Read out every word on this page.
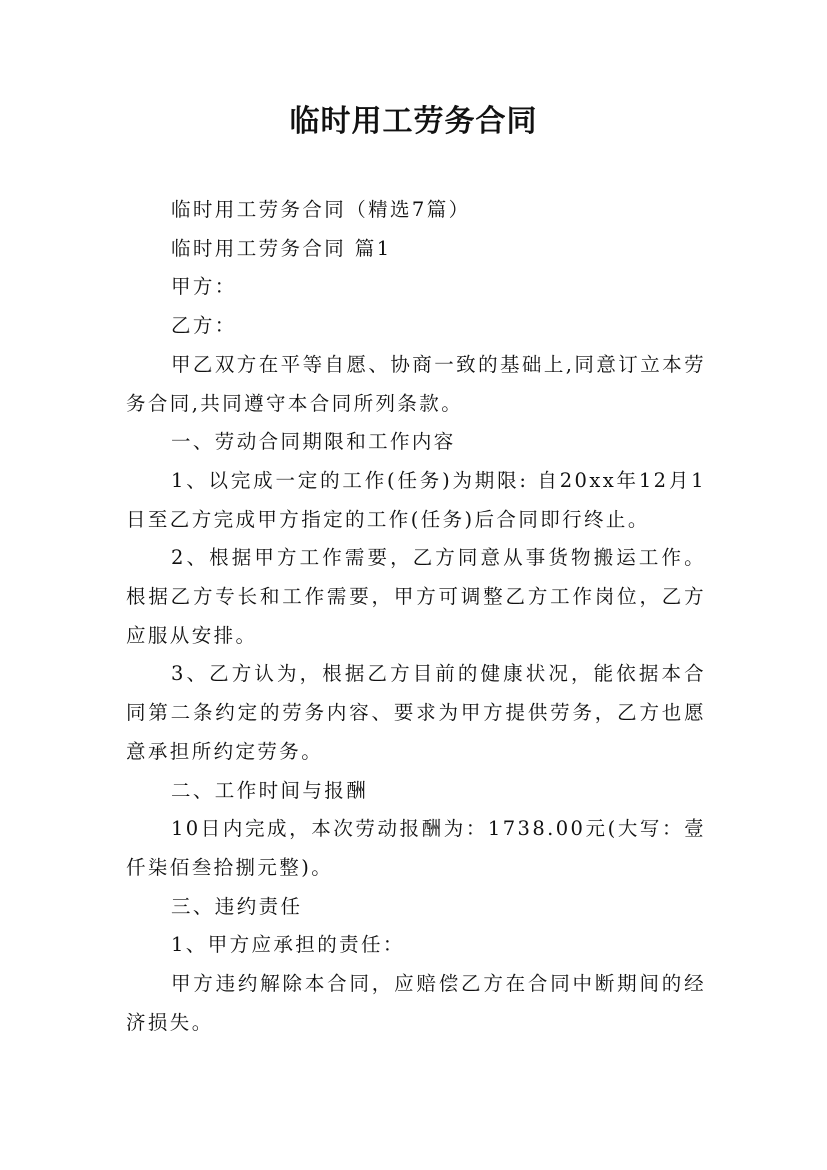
临时用工劳务合同

临时用工劳务合同（精选7篇）

临时用工劳务合同 篇1

甲方：

乙方：

甲乙双方在平等自愿、协商一致的基础上,同意订立本劳务合同,共同遵守本合同所列条款。

一、劳动合同期限和工作内容

1、以完成一定的工作(任务)为期限: 自20xx年12月1日至乙方完成甲方指定的工作(任务)后合同即行终止。

2、根据甲方工作需要，乙方同意从事货物搬运工作。根据乙方专长和工作需要，甲方可调整乙方工作岗位，乙方应服从安排。

3、乙方认为，根据乙方目前的健康状况，能依据本合同第二条约定的劳务内容、要求为甲方提供劳务，乙方也愿意承担所约定劳务。

二、工作时间与报酬

10日内完成，本次劳动报酬为：1738.00元(大写：壹仟柒佰叁拾捌元整)。

三、违约责任

1、甲方应承担的责任：

甲方违约解除本合同，应赔偿乙方在合同中断期间的经济损失。
